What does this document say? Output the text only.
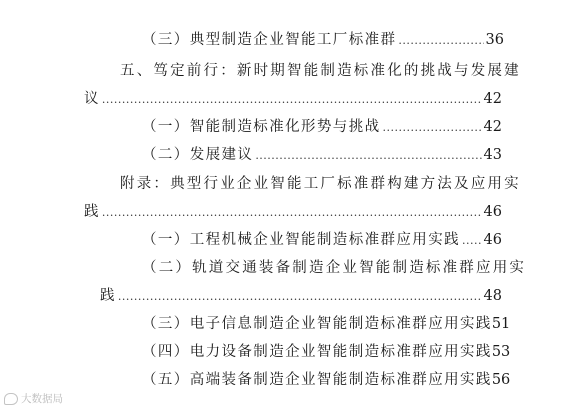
（三）典型制造企业智能工厂标准群 .....	36
五、笃定前行：新时期智能制造标准化的挑战与发展建
议 .....	42
（一）智能制造标准化形势与挑战 .....	42
（二）发展建议 .....	43
附录：典型行业企业智能工厂标准群构建方法及应用实
践 .....	46
（一）工程机械企业智能制造标准群应用实践 ..... 46
（二）轨道交通装备制造企业智能制造标准群应用实
践 .....	48
（三）电子信息制造企业智能制造标准群应用实践 51
（四）电力设备制造企业智能制造标准群应用实践 53
（五）高端装备制造企业智能制造标准群应用实践 56
大数据局
